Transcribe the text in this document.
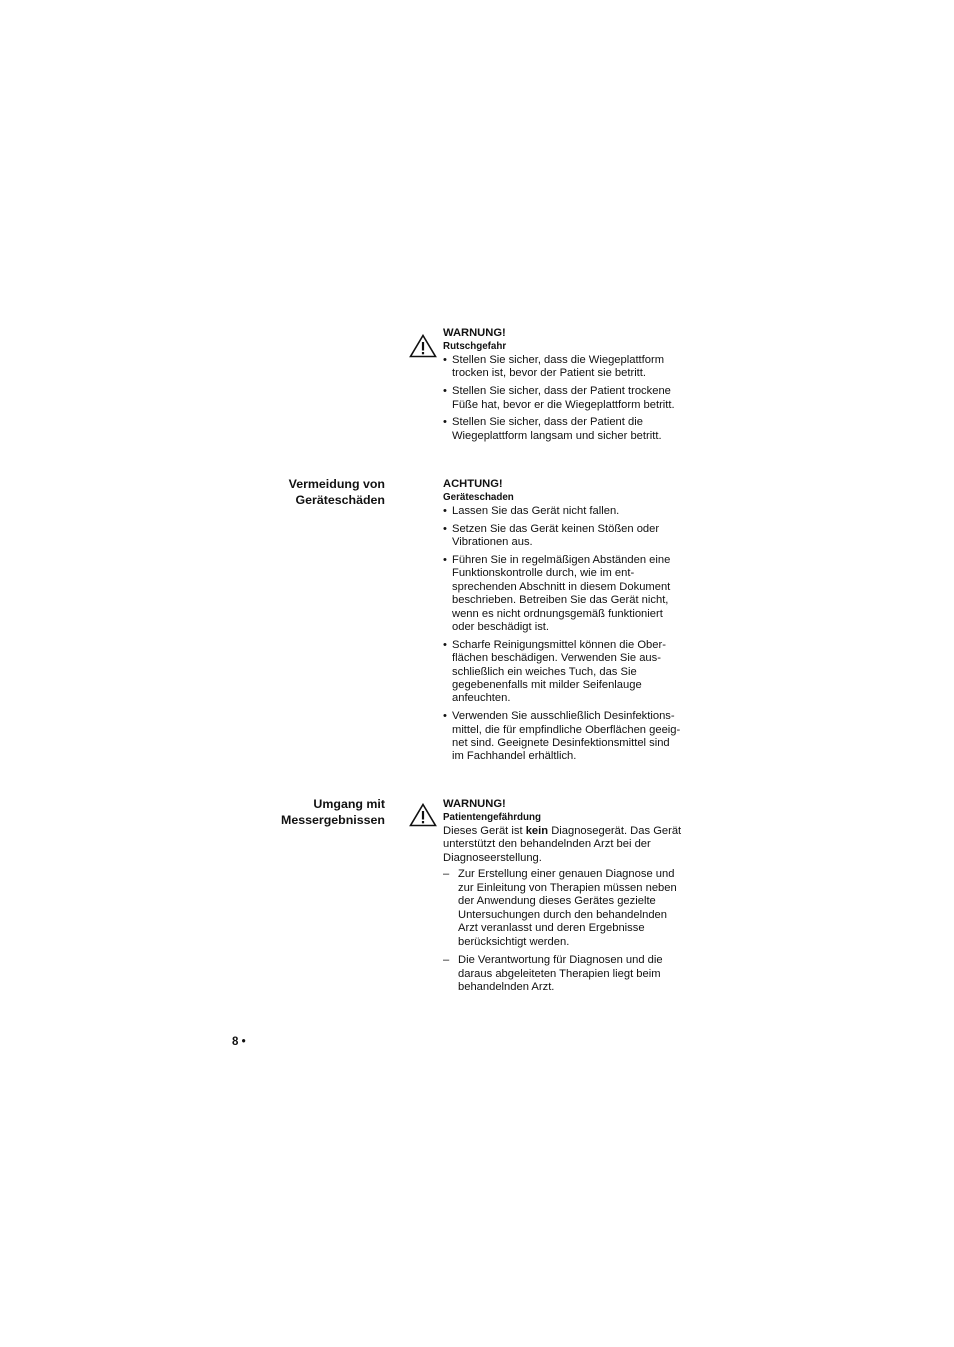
WARNUNG!

Rutschgefahr

• Stellen Sie sicher, dass die Wiegeplattform
trocken ist, bevor der Patient sie betritt.
• Stellen Sie sicher, dass der Patient trockene
Füße hat, bevor er die Wiegeplattform betritt.
• Stellen Sie sicher, dass der Patient die
Wiegeplattform langsam und sicher betritt.

Vermeidung von
Geräteschäden

ACHTUNG!

Geräteschaden

• Lassen Sie das Gerät nicht fallen.
• Setzen Sie das Gerät keinen Stößen oder
Vibrationen aus.
• Führen Sie in regelmäßigen Abständen eine
Funktionskontrolle durch, wie im ent-
sprechenden Abschnitt in diesem Dokument
beschrieben. Betreiben Sie das Gerät nicht,
wenn es nicht ordnungsgemäß funktioniert
oder beschädigt ist.
• Scharfe Reinigungsmittel können die Ober-
flächen beschädigen. Verwenden Sie aus-
schließlich ein weiches Tuch, das Sie
gegebenenfalls mit milder Seifenlauge
anfeuchten.
• Verwenden Sie ausschließlich Desinfektions-
mittel, die für empfindliche Oberflächen geeig-
net sind. Geeignete Desinfektionsmittel sind
im Fachhandel erhältlich.

Umgang mit
Messergebnissen

WARNUNG!

Patientengefährdung

Dieses Gerät ist kein Diagnosegerät. Das Gerät
unterstützt den behandelnden Arzt bei der
Diagnoseerstellung.

– Zur Erstellung einer genauen Diagnose und
zur Einleitung von Therapien müssen neben
der Anwendung dieses Gerätes gezielte
Untersuchungen durch den behandelnden
Arzt veranlasst und deren Ergebnisse
berücksichtigt werden.
– Die Verantwortung für Diagnosen und die
daraus abgeleiteten Therapien liegt beim
behandelnden Arzt.

8 •
